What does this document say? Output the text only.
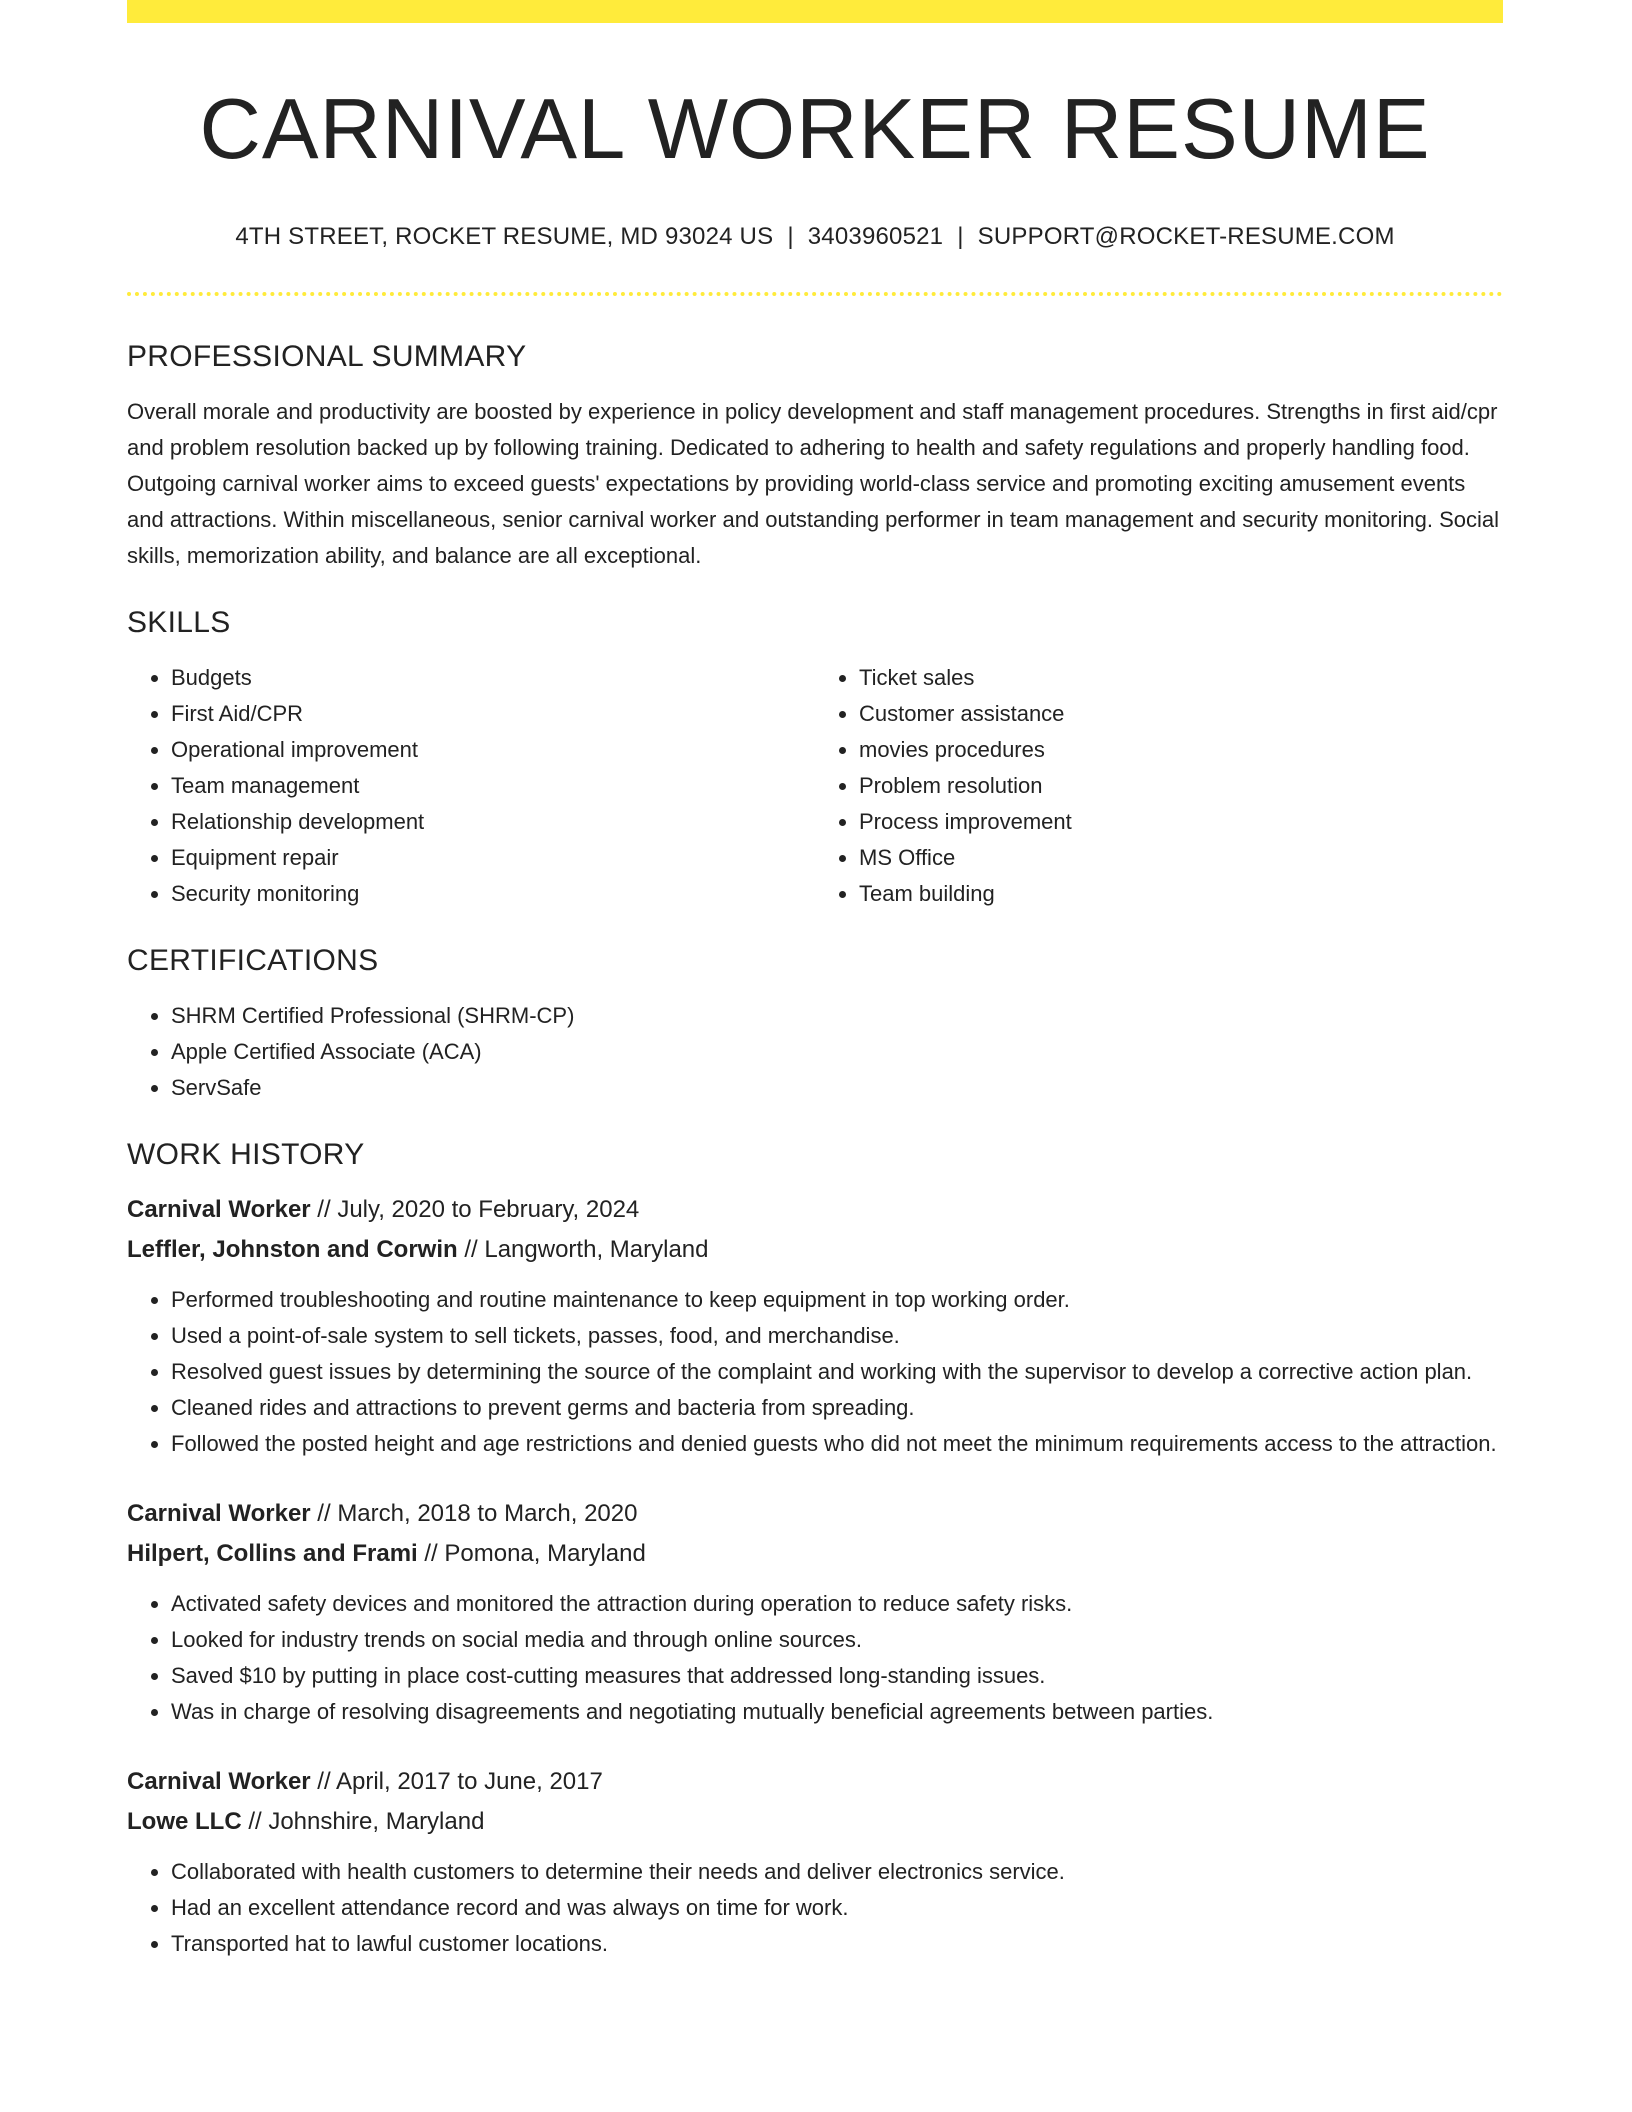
CARNIVAL WORKER RESUME
4TH STREET, ROCKET RESUME, MD 93024 US | 3403960521 | SUPPORT@ROCKET-RESUME.COM
PROFESSIONAL SUMMARY

Overall morale and productivity are boosted by experience in policy development and staff management procedures. Strengths in first aid/cpr and problem resolution backed up by following training. Dedicated to adhering to health and safety regulations and properly handling food. Outgoing carnival worker aims to exceed guests' expectations by providing world-class service and promoting exciting amusement events and attractions. Within miscellaneous, senior carnival worker and outstanding performer in team management and security monitoring. Social skills, memorization ability, and balance are all exceptional.

SKILLS
• Budgets
• First Aid/CPR
• Operational improvement
• Team management
• Relationship development
• Equipment repair
• Security monitoring
• Ticket sales
• Customer assistance
• movies procedures
• Problem resolution
• Process improvement
• MS Office
• Team building
CERTIFICATIONS
• SHRM Certified Professional (SHRM-CP)
• Apple Certified Associate (ACA)
• ServSafe
WORK HISTORY
Carnival Worker // July, 2020 to February, 2024
Leffler, Johnston and Corwin // Langworth, Maryland
• Performed troubleshooting and routine maintenance to keep equipment in top working order.
• Used a point-of-sale system to sell tickets, passes, food, and merchandise.
• Resolved guest issues by determining the source of the complaint and working with the supervisor to develop a corrective action plan.
• Cleaned rides and attractions to prevent germs and bacteria from spreading.
• Followed the posted height and age restrictions and denied guests who did not meet the minimum requirements access to the attraction.
Carnival Worker // March, 2018 to March, 2020
Hilpert, Collins and Frami // Pomona, Maryland
• Activated safety devices and monitored the attraction during operation to reduce safety risks.
• Looked for industry trends on social media and through online sources.
• Saved $10 by putting in place cost-cutting measures that addressed long-standing issues.
• Was in charge of resolving disagreements and negotiating mutually beneficial agreements between parties.
Carnival Worker // April, 2017 to June, 2017
Lowe LLC // Johnshire, Maryland
• Collaborated with health customers to determine their needs and deliver electronics service.
• Had an excellent attendance record and was always on time for work.
• Transported hat to lawful customer locations.
